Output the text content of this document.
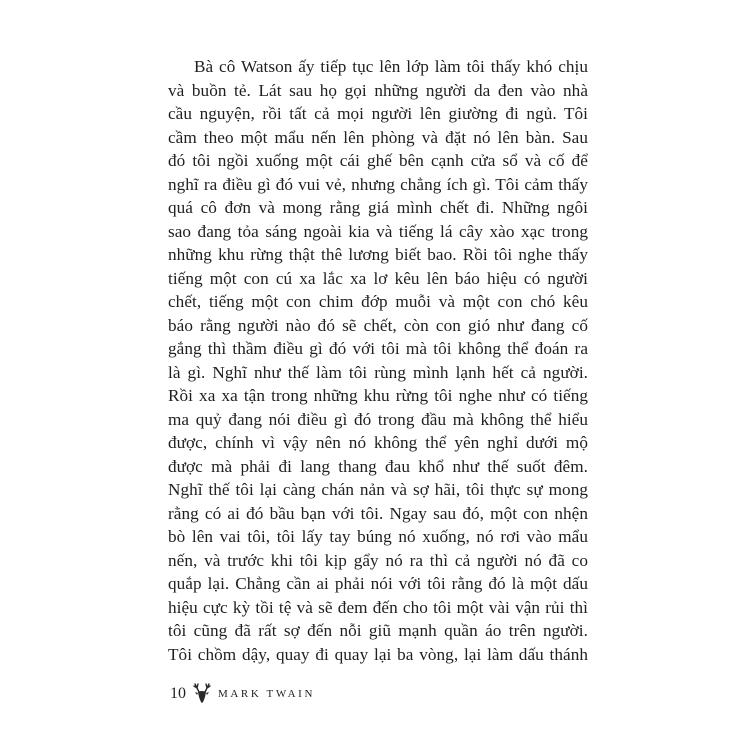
Bà cô Watson ấy tiếp tục lên lớp làm tôi thấy khó chịu
và buồn tẻ. Lát sau họ gọi những người da đen vào nhà
cầu nguyện, rồi tất cả mọi người lên giường đi ngủ. Tôi
cầm theo một mẩu nến lên phòng và đặt nó lên bàn. Sau
đó tôi ngồi xuống một cái ghế bên cạnh cửa sổ và cố để
nghĩ ra điều gì đó vui vẻ, nhưng chẳng ích gì. Tôi cảm thấy
quá cô đơn và mong rằng giá mình chết đi. Những ngôi
sao đang tỏa sáng ngoài kia và tiếng lá cây xào xạc trong
những khu rừng thật thê lương biết bao. Rồi tôi nghe thấy
tiếng một con cú xa lắc xa lơ kêu lên báo hiệu có người
chết, tiếng một con chim đớp muỗi và một con chó kêu
báo rằng người nào đó sẽ chết, còn con gió như đang cố
gắng thì thầm điều gì đó với tôi mà tôi không thể đoán ra
là gì. Nghĩ như thế làm tôi rùng mình lạnh hết cả người.
Rồi xa xa tận trong những khu rừng tôi nghe như có tiếng
ma quỷ đang nói điều gì đó trong đầu mà không thể hiểu
được, chính vì vậy nên nó không thể yên nghỉ dưới mộ
được mà phải đi lang thang đau khổ như thế suốt đêm.
Nghĩ thế tôi lại càng chán nản và sợ hãi, tôi thực sự mong
rằng có ai đó bầu bạn với tôi. Ngay sau đó, một con nhện
bò lên vai tôi, tôi lấy tay búng nó xuống, nó rơi vào mẩu
nến, và trước khi tôi kịp gẩy nó ra thì cả người nó đã co
quắp lại. Chẳng cần ai phải nói với tôi rằng đó là một dấu
hiệu cực kỳ tồi tệ và sẽ đem đến cho tôi một vài vận rủi thì
tôi cũng đã rất sợ đến nỗi giũ mạnh quần áo trên người.
Tôi chồm dậy, quay đi quay lại ba vòng, lại làm dấu thánh
10	MARK TWAIN
